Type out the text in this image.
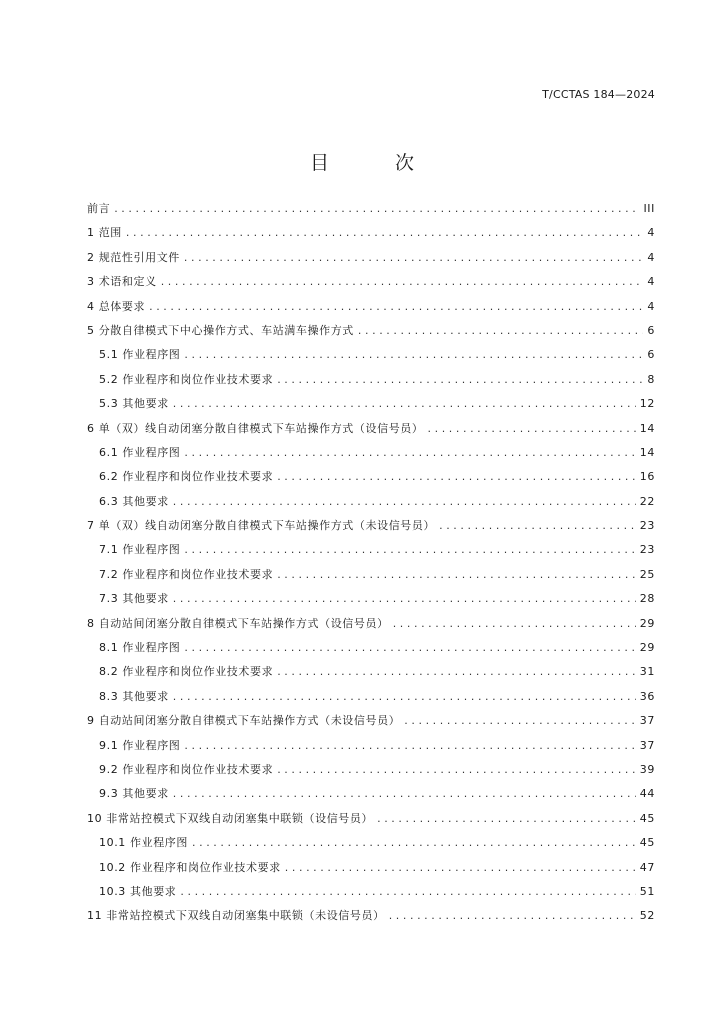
T/CCTAS 184—2024
目 次
前言 .....	III
1 范围 .....	4
2 规范性引用文件 .....	4
3 术语和定义 .....	4
4 总体要求 .....	4
5 分散自律模式下中心操作方式、车站满车操作方式 .....	6
5.1 作业程序图 .....	6
5.2 作业程序和岗位作业技术要求 .....	8
5.3 其他要求 .....	12
6 单（双）线自动闭塞分散自律模式下车站操作方式（设信号员） .....	14
6.1 作业程序图 .....	14
6.2 作业程序和岗位作业技术要求 .....	16
6.3 其他要求 .....	22
7 单（双）线自动闭塞分散自律模式下车站操作方式（未设信号员） .....	23
7.1 作业程序图 .....	23
7.2 作业程序和岗位作业技术要求 .....	25
7.3 其他要求 .....	28
8 自动站间闭塞分散自律模式下车站操作方式（设信号员） .....	29
8.1 作业程序图 .....	29
8.2 作业程序和岗位作业技术要求 .....	31
8.3 其他要求 .....	36
9 自动站间闭塞分散自律模式下车站操作方式（未设信号员） .....	37
9.1 作业程序图 .....	37
9.2 作业程序和岗位作业技术要求 .....	39
9.3 其他要求 .....	44
10 非常站控模式下双线自动闭塞集中联锁（设信号员） .....	45
10.1 作业程序图 .....	45
10.2 作业程序和岗位作业技术要求 .....	47
10.3 其他要求 .....	51
11 非常站控模式下双线自动闭塞集中联锁（未设信号员） .....	52
